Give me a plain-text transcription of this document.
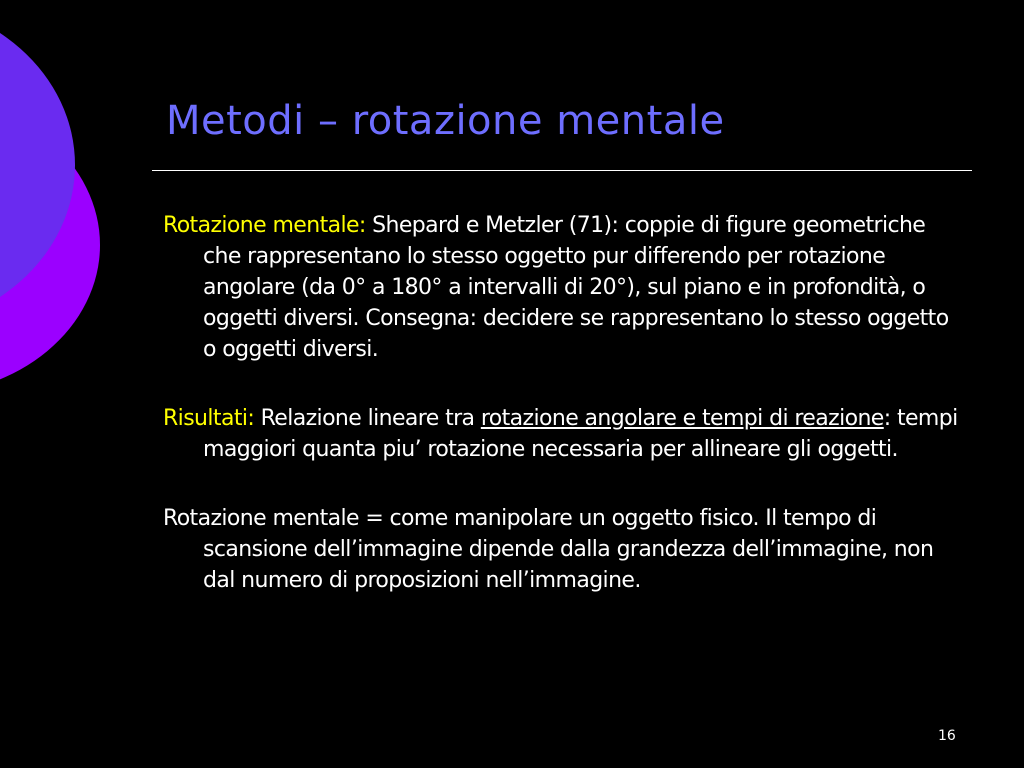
Metodi – rotazione mentale

Rotazione mentale: Shepard e Metzler (71): coppie di figure geometriche che rappresentano lo stesso oggetto pur differendo per rotazione angolare (da 0° a 180° a intervalli di 20°), sul piano e in profondità, o oggetti diversi. Consegna: decidere se rappresentano lo stesso oggetto o oggetti diversi.

Risultati: Relazione lineare tra rotazione angolare e tempi di reazione: tempi maggiori quanta piu’ rotazione necessaria per allineare gli oggetti.

Rotazione mentale = come manipolare un oggetto fisico. Il tempo di scansione dell’immagine dipende dalla grandezza dell’immagine, non dal numero di proposizioni nell’immagine.

16
